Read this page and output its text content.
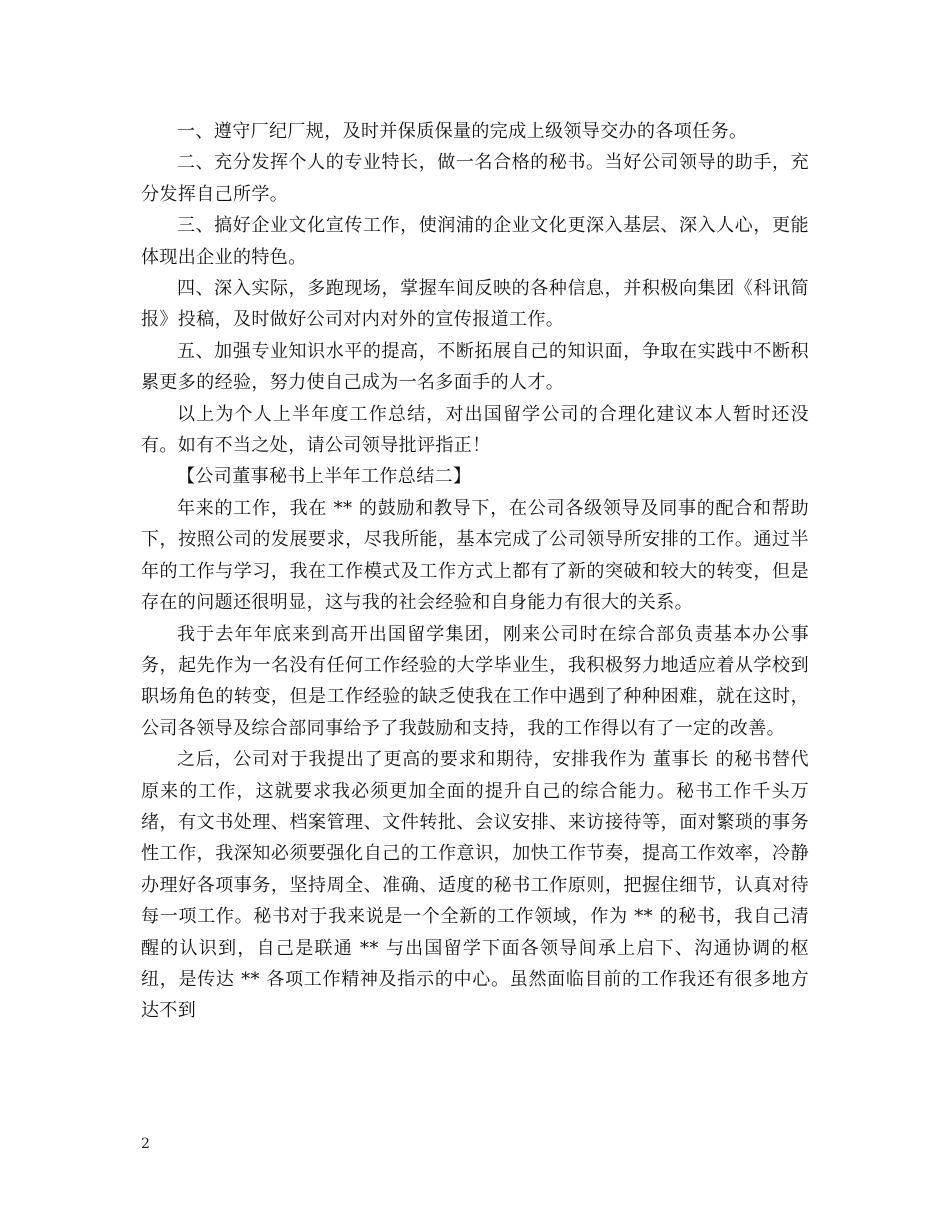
一、遵守厂纪厂规，及时并保质保量的完成上级领导交办的各项任务。

二、充分发挥个人的专业特长，做一名合格的秘书。当好公司领导的助手，充分发挥自己所学。

三、搞好企业文化宣传工作，使润浦的企业文化更深入基层、深入人心，更能体现出企业的特色。

四、深入实际，多跑现场，掌握车间反映的各种信息，并积极向集团《科讯简报》投稿，及时做好公司对内对外的宣传报道工作。

五、加强专业知识水平的提高，不断拓展自己的知识面，争取在实践中不断积累更多的经验，努力使自己成为一名多面手的人才。

以上为个人上半年度工作总结，对出国留学公司的合理化建议本人暂时还没有。如有不当之处，请公司领导批评指正！

【公司董事秘书上半年工作总结二】

年来的工作，我在 ** 的鼓励和教导下，在公司各级领导及同事的配合和帮助下，按照公司的发展要求，尽我所能，基本完成了公司领导所安排的工作。通过半年的工作与学习，我在工作模式及工作方式上都有了新的突破和较大的转变，但是存在的问题还很明显，这与我的社会经验和自身能力有很大的关系。

我于去年年底来到高开出国留学集团，刚来公司时在综合部负责基本办公事务，起先作为一名没有任何工作经验的大学毕业生，我积极努力地适应着从学校到职场角色的转变，但是工作经验的缺乏使我在工作中遇到了种种困难，就在这时，公司各领导及综合部同事给予了我鼓励和支持，我的工作得以有了一定的改善。

之后，公司对于我提出了更高的要求和期待，安排我作为 董事长 的秘书替代原来的工作，这就要求我必须更加全面的提升自己的综合能力。秘书工作千头万绪，有文书处理、档案管理、文件转批、会议安排、来访接待等，面对繁琐的事务性工作，我深知必须要强化自己的工作意识，加快工作节奏，提高工作效率，冷静办理好各项事务，坚持周全、准确、适度的秘书工作原则，把握住细节，认真对待每一项工作。秘书对于我来说是一个全新的工作领域，作为 ** 的秘书，我自己清醒的认识到，自己是联通 ** 与出国留学下面各领导间承上启下、沟通协调的枢纽，是传达 ** 各项工作精神及指示的中心。虽然面临目前的工作我还有很多地方达不到

2
